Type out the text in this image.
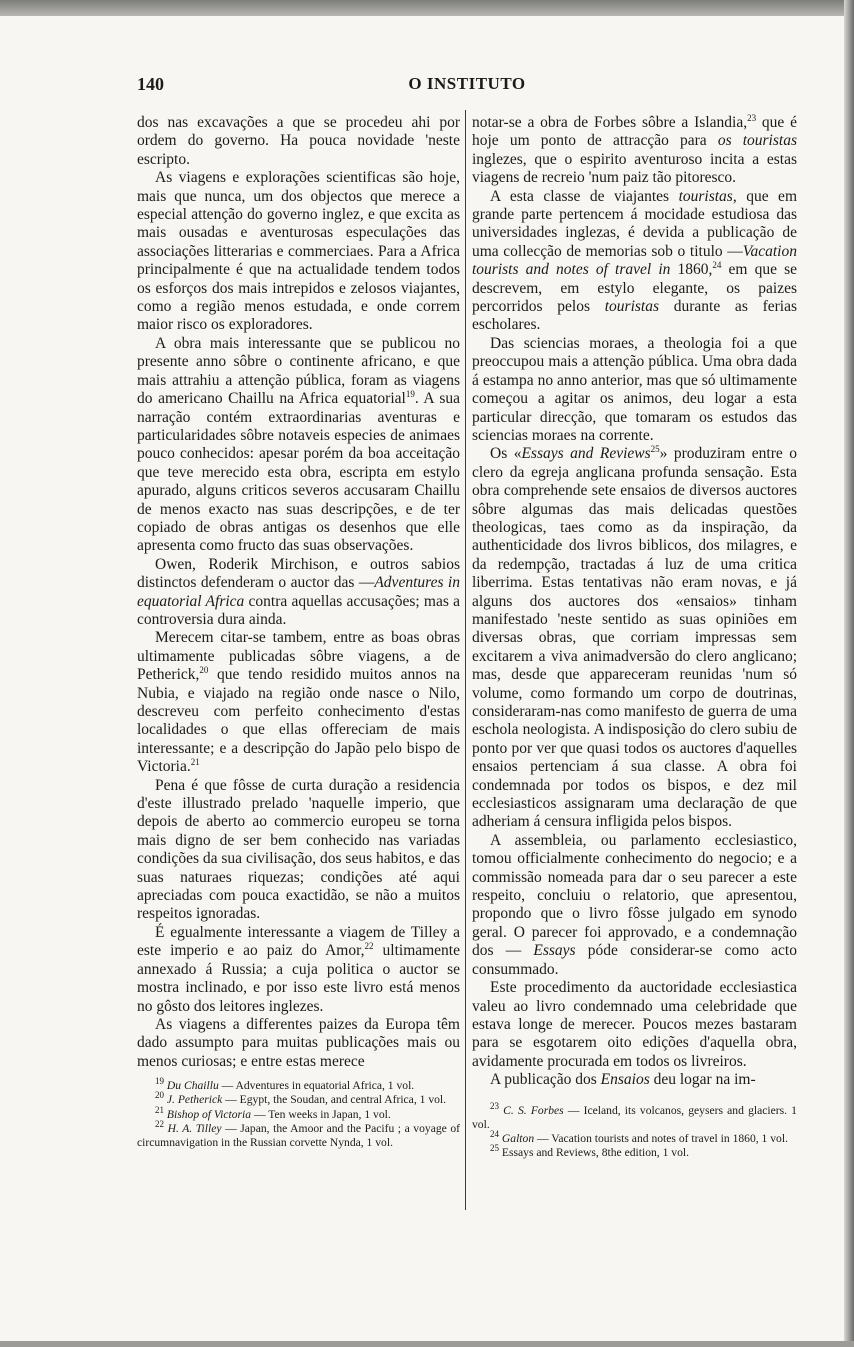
O INSTITUTO
140

dos nas excavações a que se procedeu ahi por ordem do governo. Ha pouca novidade 'neste escripto.

As viagens e explorações scientificas são hoje, mais que nunca, um dos objectos que merece a especial attenção do governo inglez, e que excita as mais ousadas e aventurosas especulações das associações litterarias e commerciaes. Para a Africa principalmente é que na actualidade tendem todos os esforços dos mais intrepidos e zelosos viajantes, como a região menos estudada, e onde correm maior risco os exploradores.

A obra mais interessante que se publicou no presente anno sôbre o continente africano, e que mais attrahiu a attenção pública, foram as viagens do americano Chaillu na Africa equatorial$^{19}$. A sua narração contém extraordinarias aventuras e particularidades sôbre notaveis especies de animaes pouco conhecidos: apesar porém da boa acceitação que teve merecido esta obra, escripta em estylo apurado, alguns criticos severos accusaram Chaillu de menos exacto nas suas descripções, e de ter copiado de obras antigas os desenhos que elle apresenta como fructo das suas observações.

Owen, Roderik Mirchison, e outros sabios distinctos defenderam o auctor das —Adventures in equatorial Africa contra aquellas accusações; mas a controversia dura ainda.

Merecem citar-se tambem, entre as boas obras ultimamente publicadas sôbre viagens, a de Petherick,$^{20}$ que tendo residido muitos annos na Nubia, e viajado na região onde nasce o Nilo, descreveu com perfeito conhecimento d'estas localidades o que ellas offereciam de mais interessante; e a descripção do Japão pelo bispo de Victoria.$^{21}$

Pena é que fôsse de curta duração a residencia d'este illustrado prelado 'naquelle imperio, que depois de aberto ao commercio europeu se torna mais digno de ser bem conhecido nas variadas condições da sua civilisação, dos seus habitos, e das suas naturaes riquezas; condições até aqui apreciadas com pouca exactidão, se não a muitos respeitos ignoradas.

É egualmente interessante a viagem de Tilley a este imperio e ao paiz do Amor,$^{22}$ ultimamente annexado á Russia; a cuja politica o auctor se mostra inclinado, e por isso este livro está menos no gôsto dos leitores inglezes.

As viagens a differentes paizes da Europa têm dado assumpto para muitas publicações mais ou menos curiosas; e entre estas merece

$^{19}$ Du Chaillu — Adventures in equatorial Africa, 1 vol.

$^{20}$ J. Petherick — Egypt, the Soudan, and central Africa, 1 vol.

$^{21}$ Bishop of Victoria — Ten weeks in Japan, 1 vol.

$^{22}$ H. A. Tilley — Japan, the Amoor and the Pacifu ; a voyage of circumnavigation in the Russian corvette Nynda, 1 vol.

notar-se a obra de Forbes sôbre a Islandia,$^{23}$ que é hoje um ponto de attracção para os touristas inglezes, que o espirito aventuroso incita a estas viagens de recreio 'num paiz tão pitoresco.

A esta classe de viajantes touristas, que em grande parte pertencem á mocidade estudiosa das universidades inglezas, é devida a publicação de uma collecção de memorias sob o titulo —Vacation tourists and notes of travel in 1860,24 em que se descrevem, em estylo elegante, os paizes percorridos pelos touristas durante as ferias escholares.

Das sciencias moraes, a theologia foi a que preoccupou mais a attenção pública. Uma obra dada á estampa no anno anterior, mas que só ultimamente começou a agitar os animos, deu logar a esta particular direcção, que tomaram os estudos das sciencias moraes na corrente.

Os «Essays and Reviews$^{25}$» produziram entre o clero da egreja anglicana profunda sensação. Esta obra comprehende sete ensaios de diversos auctores sôbre algumas das mais delicadas questões theologicas, taes como as da inspiração, da authenticidade dos livros biblicos, dos milagres, e da redempção, tractadas á luz de uma critica liberrima. Estas tentativas não eram novas, e já alguns dos auctores dos «ensaios» tinham manifestado 'neste sentido as suas opiniões em diversas obras, que corriam impressas sem excitarem a viva animadversão do clero anglicano; mas, desde que appareceram reunidas 'num só volume, como formando um corpo de doutrinas, consideraram-nas como manifesto de guerra de uma eschola neologista. A indisposição do clero subiu de ponto por ver que quasi todos os auctores d'aquelles ensaios pertenciam á sua classe. A obra foi condemnada por todos os bispos, e dez mil ecclesiasticos assignaram uma declaração de que adheriam á censura infligida pelos bispos.

A assembleia, ou parlamento ecclesiastico, tomou officialmente conhecimento do negocio; e a commissão nomeada para dar o seu parecer a este respeito, concluiu o relatorio, que apresentou, propondo que o livro fôsse julgado em synodo geral. O parecer foi approvado, e a condemnação dos — Essays póde considerar-se como acto consummado.

Este procedimento da auctoridade ecclesiastica valeu ao livro condemnado uma celebridade que estava longe de merecer. Poucos mezes bastaram para se esgotarem oito edições d'aquella obra, avidamente procurada em todos os livreiros.

A publicação dos Ensaios deu logar na im-

$^{23}$ C. S. Forbes — Iceland, its volcanos, geysers and glaciers. 1 vol.

$^{24}$ Galton — Vacation tourists and notes of travel in 1860, 1 vol.

$^{25}$ Essays and Reviews, 8the edition, 1 vol.
